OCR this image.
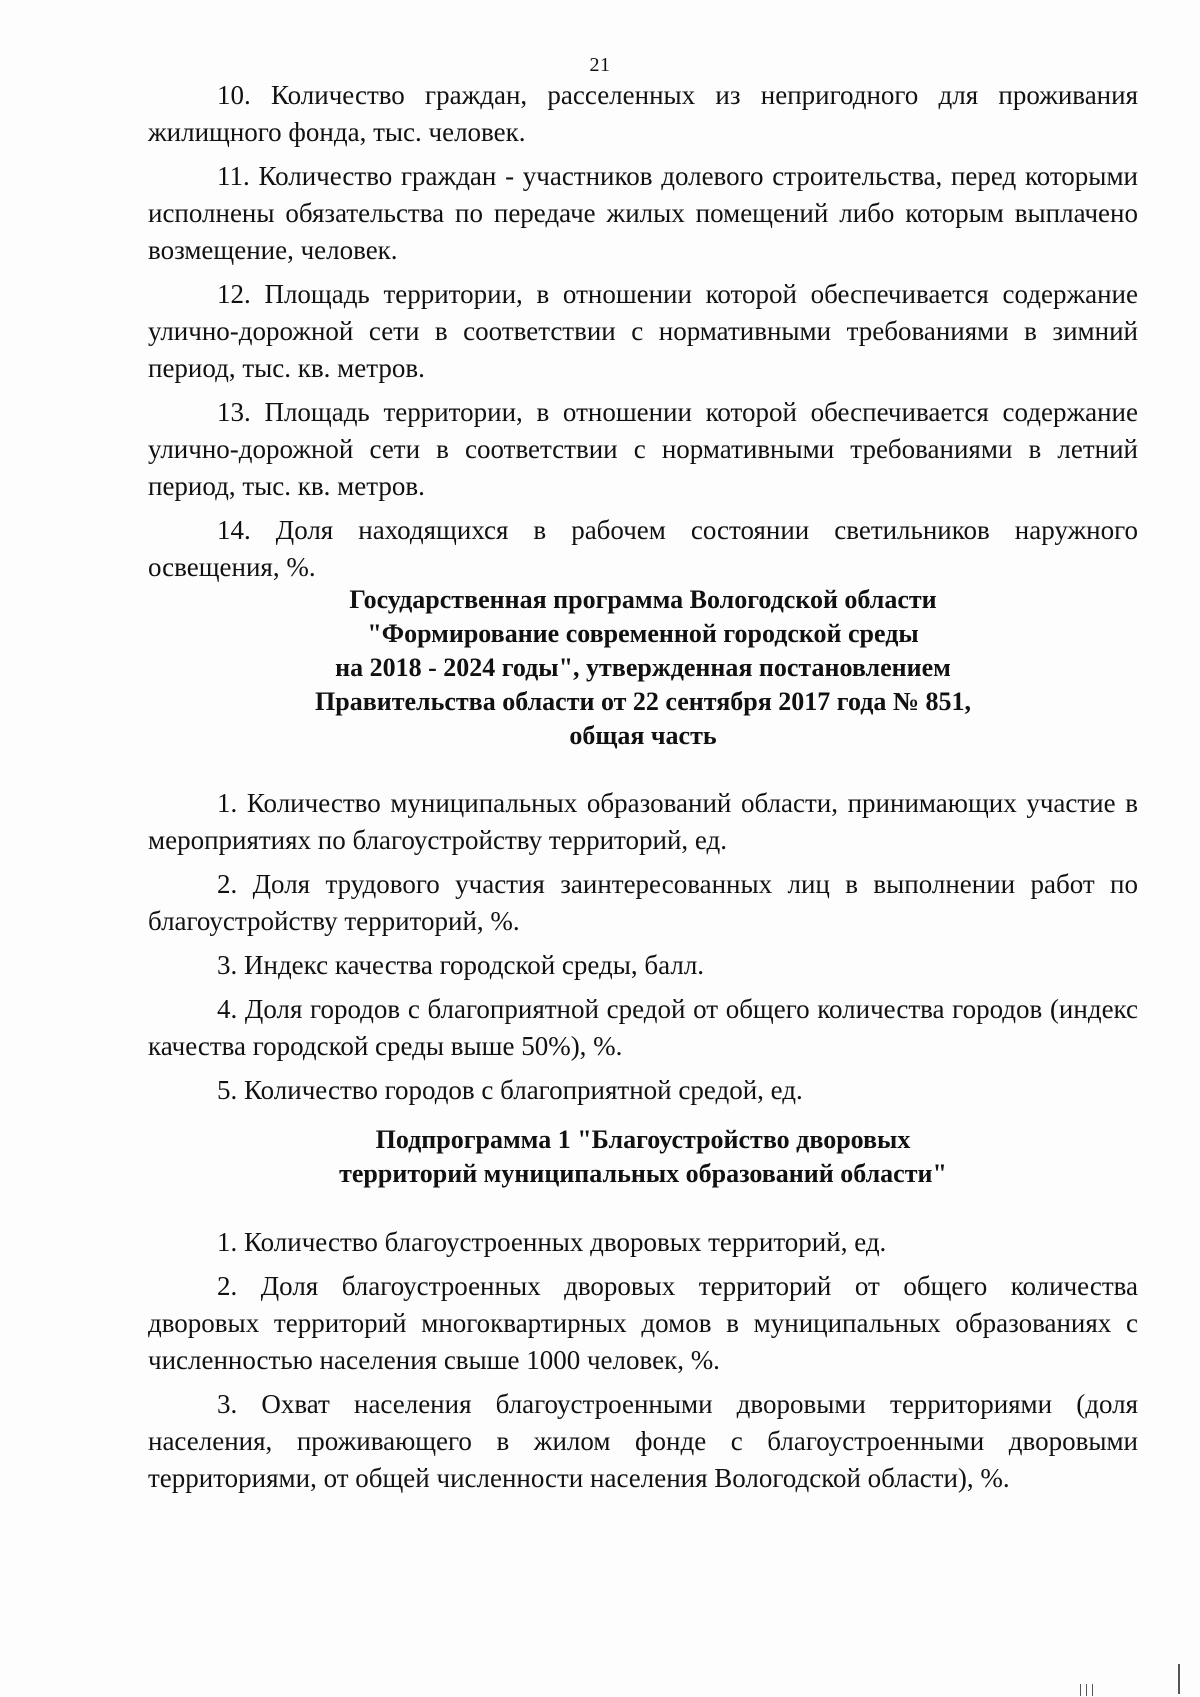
21

10. Количество граждан, расселенных из непригодного для проживания жилищного фонда, тыс. человек.

11. Количество граждан - участников долевого строительства, перед которыми исполнены обязательства по передаче жилых помещений либо которым выплачено возмещение, человек.

12. Площадь территории, в отношении которой обеспечивается содержание улично-дорожной сети в соответствии с нормативными требованиями в зимний период, тыс. кв. метров.

13. Площадь территории, в отношении которой обеспечивается содержание улично-дорожной сети в соответствии с нормативными требованиями в летний период, тыс. кв. метров.

14. Доля находящихся в рабочем состоянии светильников наружного освещения, %.

Государственная программа Вологодской области
"Формирование современной городской среды
на 2018 - 2024 годы", утвержденная постановлением
Правительства области от 22 сентября 2017 года № 851,
общая часть

1. Количество муниципальных образований области, принимающих участие в мероприятиях по благоустройству территорий, ед.

2. Доля трудового участия заинтересованных лиц в выполнении работ по благоустройству территорий, %.

3. Индекс качества городской среды, балл.

4. Доля городов с благоприятной средой от общего количества городов (индекс качества городской среды выше 50%), %.

5. Количество городов с благоприятной средой, ед.

Подпрограмма 1 "Благоустройство дворовых
территорий муниципальных образований области"

1. Количество благоустроенных дворовых территорий, ед.

2. Доля благоустроенных дворовых территорий от общего количества дворовых территорий многоквартирных домов в муниципальных образованиях с численностью населения свыше 1000 человек, %.

3. Охват населения благоустроенными дворовыми территориями (доля населения, проживающего в жилом фонде с благоустроенными дворовыми территориями, от общей численности населения Вологодской области), %.
